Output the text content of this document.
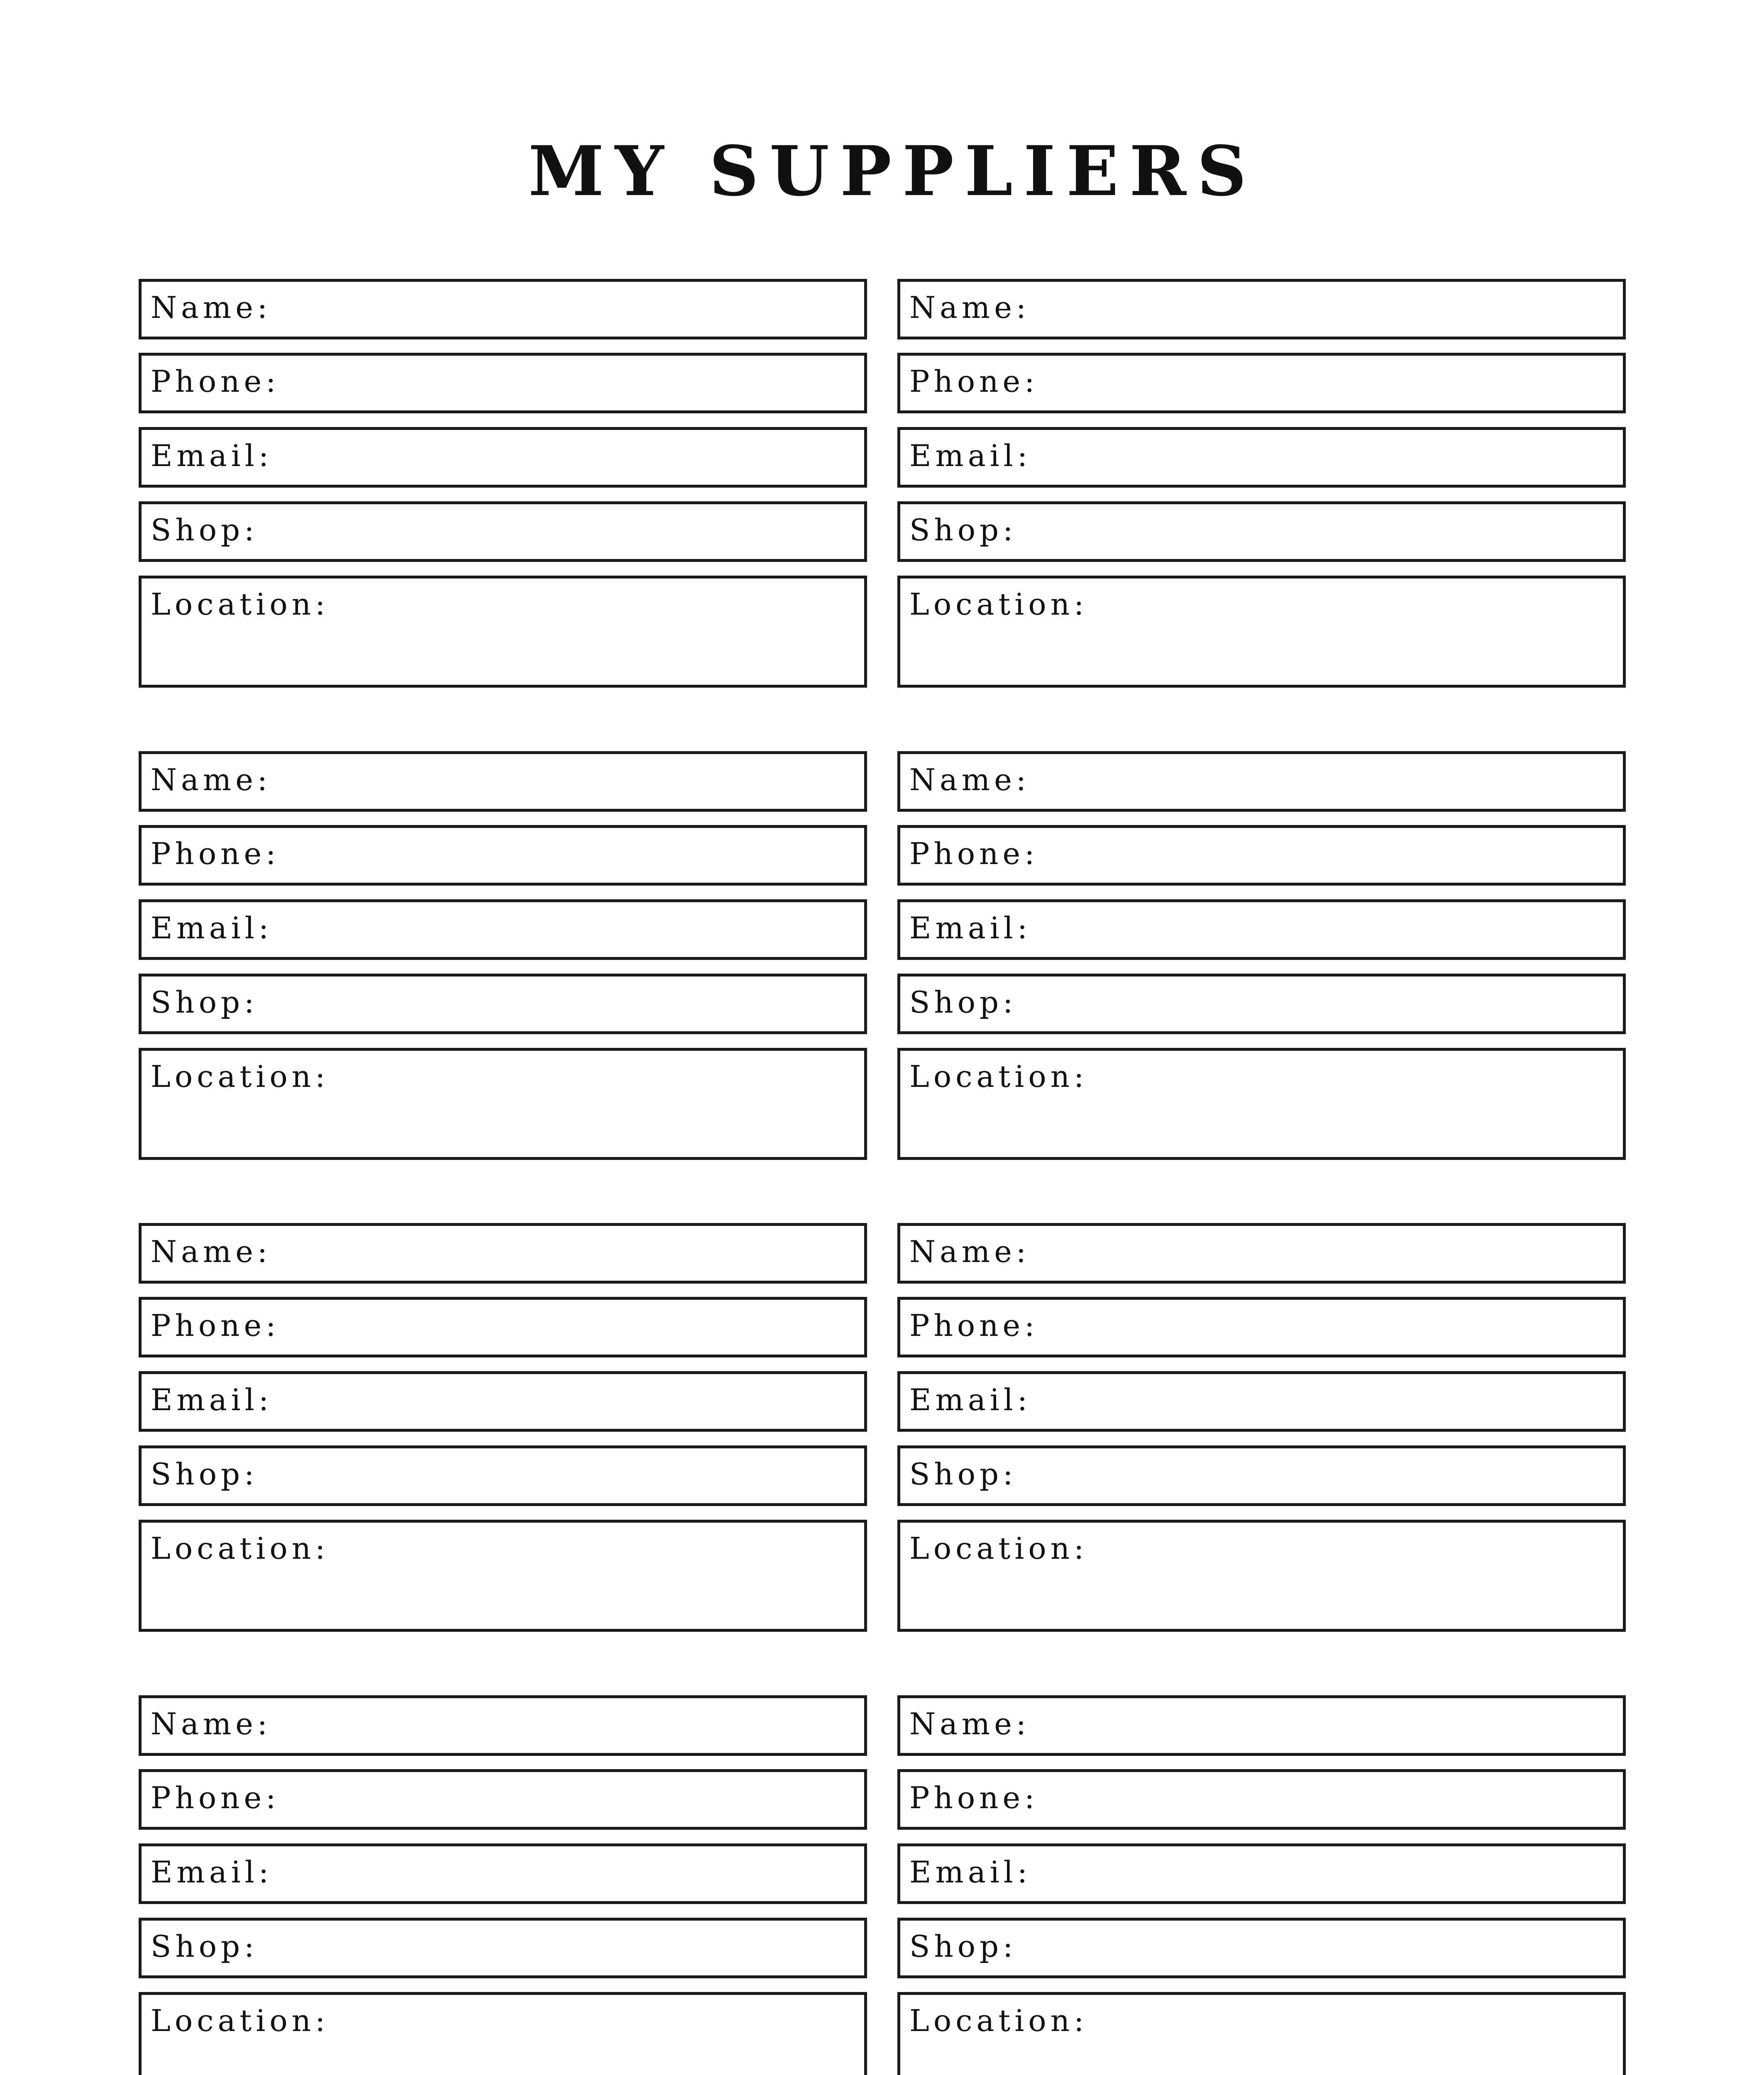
MY SUPPLIERS
Name:
Phone:
Email:
Shop:
Location:
Name:
Phone:
Email:
Shop:
Location:
Name:
Phone:
Email:
Shop:
Location:
Name:
Phone:
Email:
Shop:
Location:
Name:
Phone:
Email:
Shop:
Location:
Name:
Phone:
Email:
Shop:
Location:
Name:
Phone:
Email:
Shop:
Location:
Name:
Phone:
Email:
Shop:
Location:
